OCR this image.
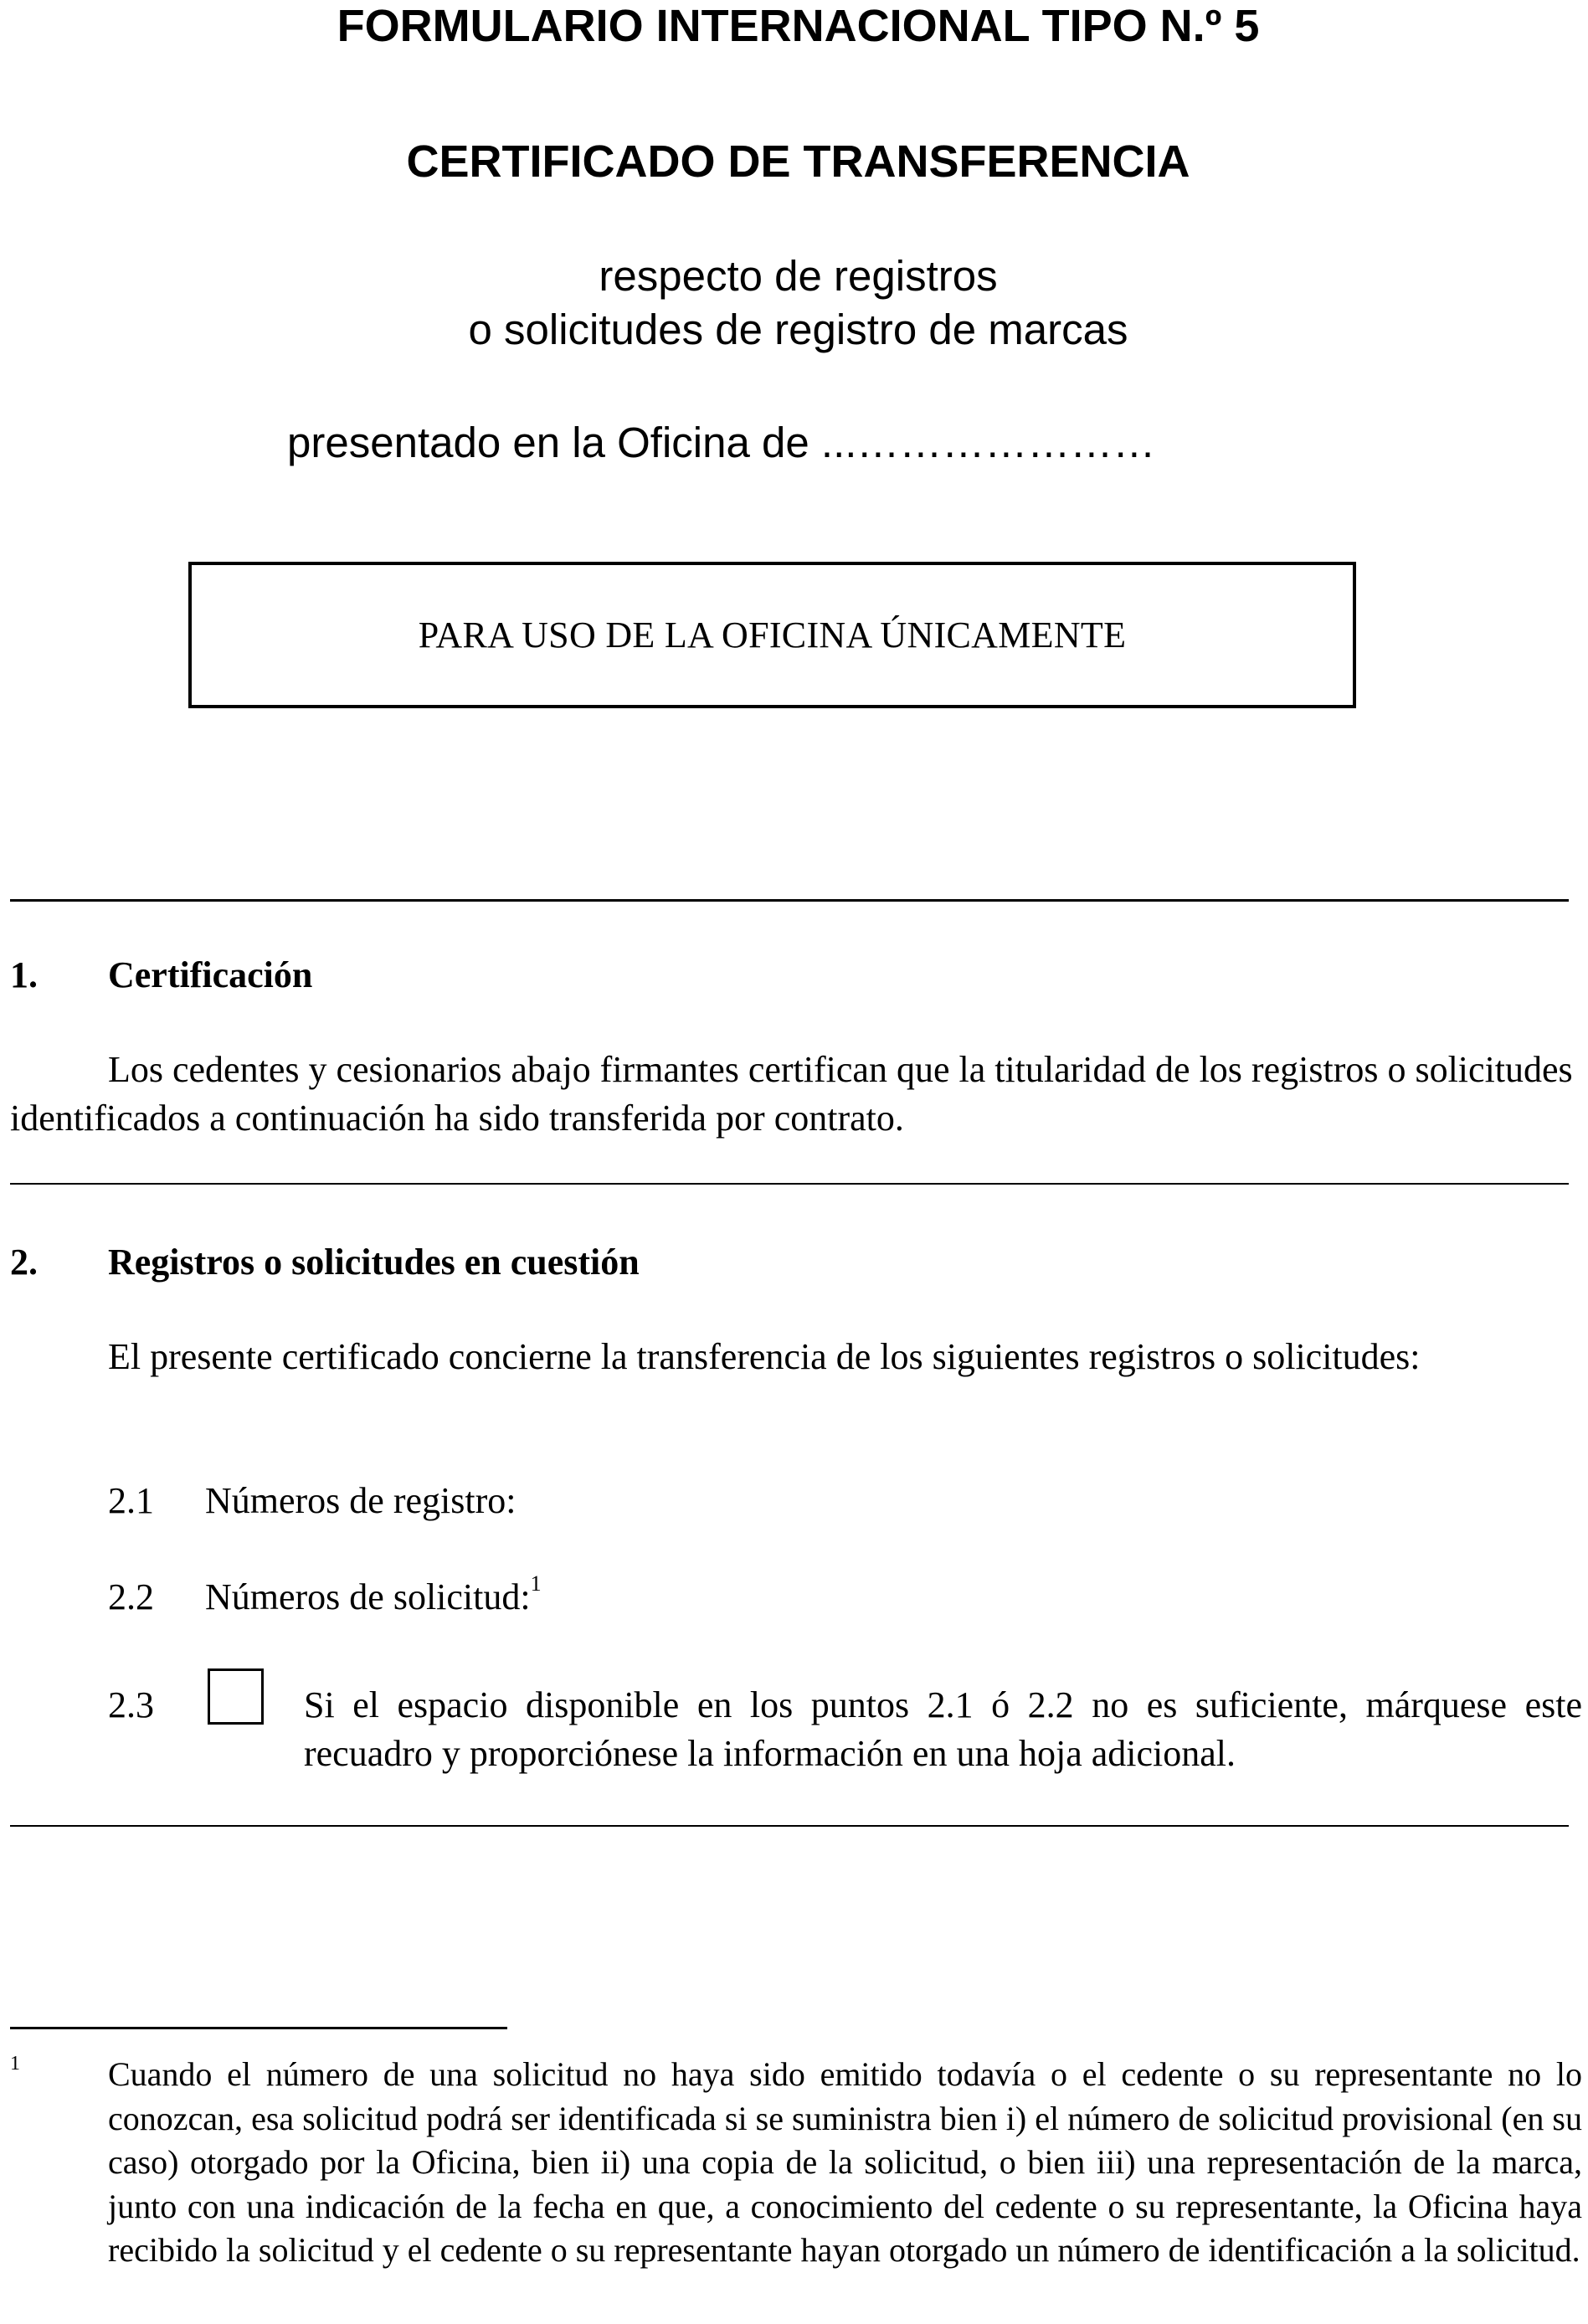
FORMULARIO INTERNACIONAL TIPO N.º 5
CERTIFICADO DE TRANSFERENCIA
respecto de registros
o solicitudes de registro de marcas
presentado en la Oficina de ...…………………
PARA USO DE LA OFICINA ÚNICAMENTE
1. Certificación
Los cedentes y cesionarios abajo firmantes certifican que la titularidad de los registros o solicitudes identificados a continuación ha sido transferida por contrato.
2. Registros o solicitudes en cuestión
El presente certificado concierne la transferencia de los siguientes registros o solicitudes:
2.1 Números de registro:
2.2 Números de solicitud:$^1$
2.3	Si el espacio disponible en los puntos 2.1 ó 2.2 no es suficiente, márquese este recuadro y proporciónese la información en una hoja adicional.
1	Cuando el número de una solicitud no haya sido emitido todavía o el cedente o su representante no lo conozcan, esa solicitud podrá ser identificada si se suministra bien i) el número de solicitud provisional (en su caso) otorgado por la Oficina, bien ii) una copia de la solicitud, o bien iii) una representación de la marca, junto con una indicación de la fecha en que, a conocimiento del cedente o su representante, la Oficina haya recibido la solicitud y el cedente o su representante hayan otorgado un número de identificación a la solicitud.
